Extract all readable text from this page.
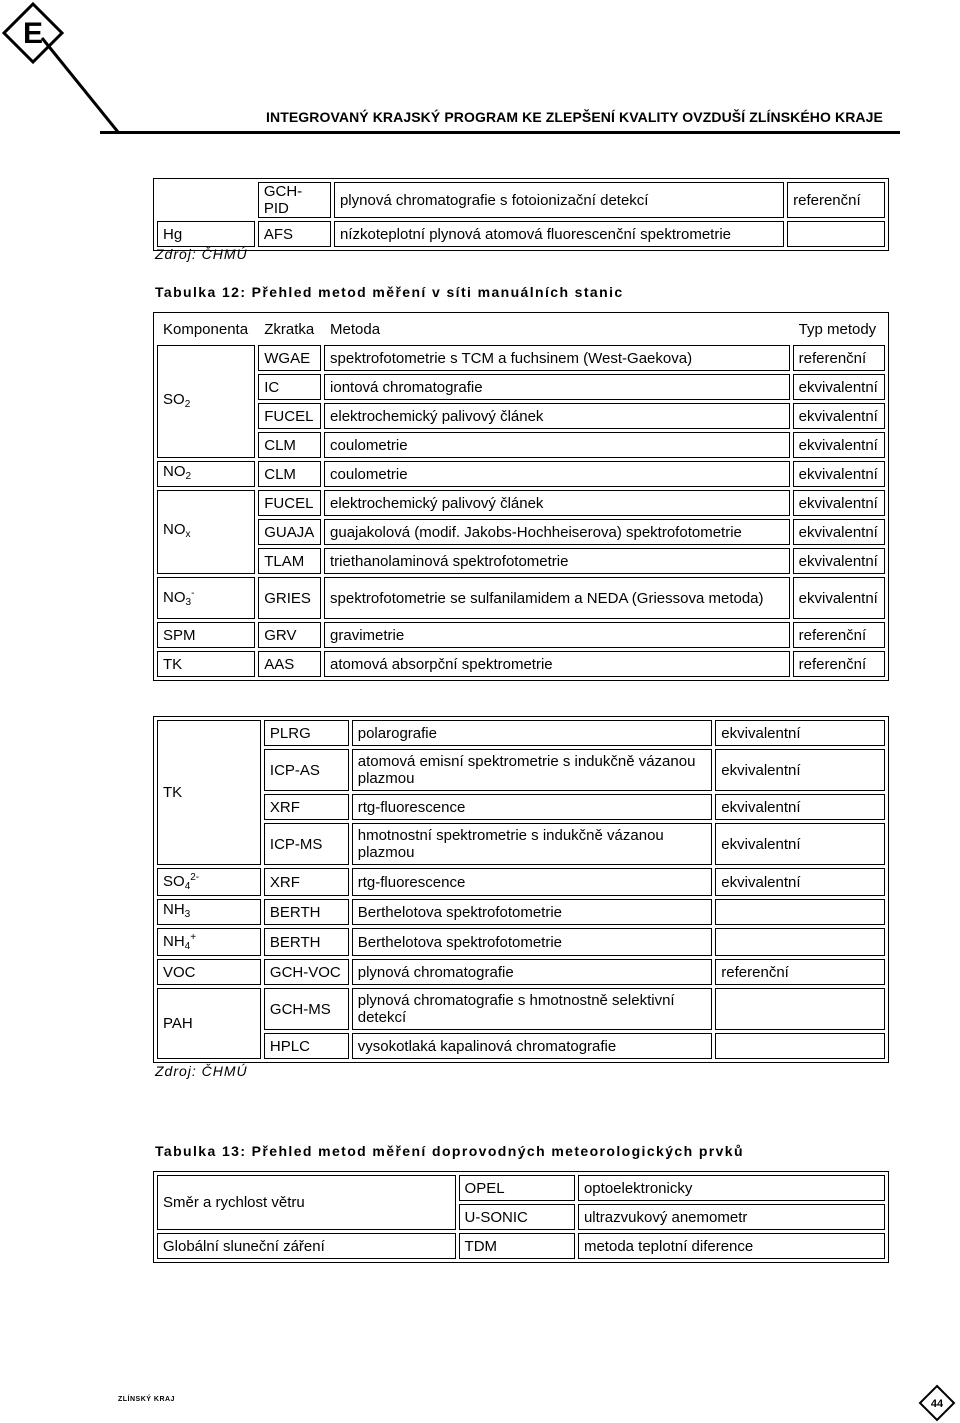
E
INTEGROVANÝ KRAJSKÝ PROGRAM KE ZLEPŠENÍ KVALITY OVZDUŠÍ ZLÍNSKÉHO KRAJE
	GCH-PID	plynová chromatografie s fotoionizační detekcí	referenční
Hg	AFS	nízkoteplotní plynová atomová fluorescenční spektrometrie	
Zdroj: ČHMÚ
Tabulka 12: Přehled metod měření v síti manuálních stanic
Komponenta	Zkratka	Metoda	Typ metody
$SO_2$	WGAE	spektrofotometrie s TCM a fuchsinem (West-Gaekova)	referenční
	IC	iontová chromatografie	ekvivalentní
	FUCEL	elektrochemický palivový článek	ekvivalentní
	CLM	coulometrie	ekvivalentní
$NO_2$	CLM	coulometrie	ekvivalentní
$NO_x$	FUCEL	elektrochemický palivový článek	ekvivalentní
	GUAJA	guajakolová (modif. Jakobs-Hochheiserova) spektrofotometrie	ekvivalentní
	TLAM	triethanolaminová spektrofotometrie	ekvivalentní
$NO_3^-$	GRIES	spektrofotometrie se sulfanilamidem a NEDA (Griessova metoda)	ekvivalentní
SPM	GRV	gravimetrie	referenční
TK	AAS	atomová absorpční spektrometrie	referenční
TK	PLRG	polarografie	ekvivalentní
	ICP-AS	atomová emisní spektrometrie s indukčně vázanou plazmou	ekvivalentní
	XRF	rtg-fluorescence	ekvivalentní
	ICP-MS	hmotnostní spektrometrie s indukčně vázanou plazmou	ekvivalentní
$SO_4^{2-}$	XRF	rtg-fluorescence	ekvivalentní
$NH_3$	BERTH	Berthelotova spektrofotometrie	
$NH_4^+$	BERTH	Berthelotova spektrofotometrie	
VOC	GCH-VOC	plynová chromatografie	referenční
PAH	GCH-MS	plynová chromatografie s hmotnostně selektivní detekcí	
	HPLC	vysokotlaká kapalinová chromatografie	
Zdroj: ČHMÚ
Tabulka 13: Přehled metod měření doprovodných meteorologických prvků
Směr a rychlost větru	OPEL	optoelektronicky
	U-SONIC	ultrazvukový anemometr
Globální sluneční záření	TDM	metoda teplotní diference
ZLÍNSKÝ KRAJ	44
